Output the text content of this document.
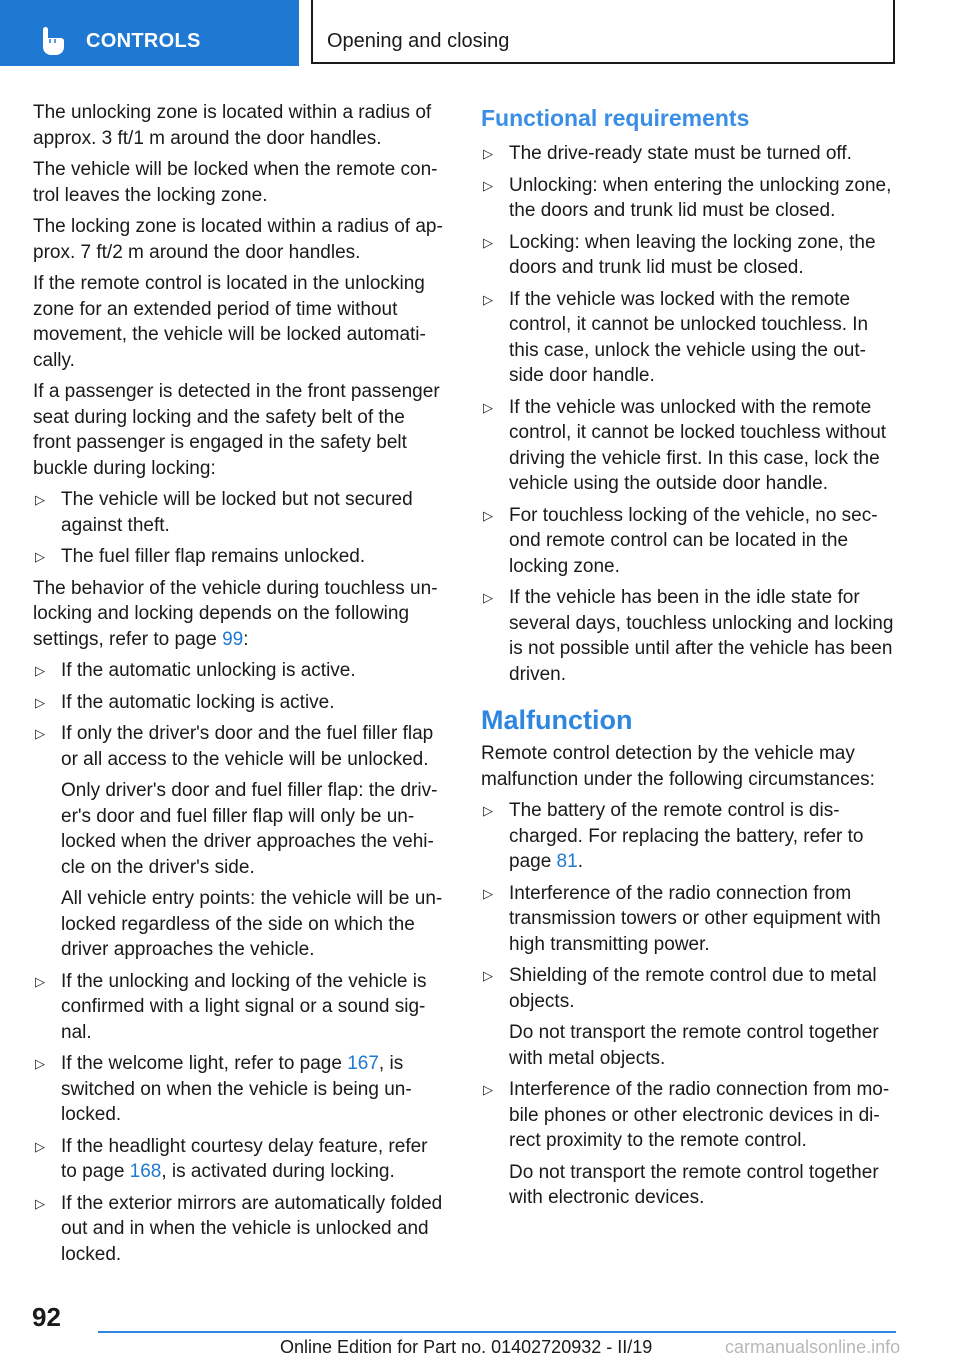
CONTROLS	Opening and closing

The unlocking zone is located within a radius of approx. 3 ft/1 m around the door handles.

The vehicle will be locked when the remote con-trol leaves the locking zone.

The locking zone is located within a radius of ap-prox. 7 ft/2 m around the door handles.

If the remote control is located in the unlocking zone for an extended period of time without movement, the vehicle will be locked automati-cally.

If a passenger is detected in the front passenger seat during locking and the safety belt of the front passenger is engaged in the safety belt buckle during locking:

▷ The vehicle will be locked but not secured against theft.
▷ The fuel filler flap remains unlocked.

The behavior of the vehicle during touchless un-locking and locking depends on the following settings, refer to page 99:

▷ If the automatic unlocking is active.
▷ If the automatic locking is active.
▷ If only the driver's door and the fuel filler flap or all access to the vehicle will be unlocked.

Only driver's door and fuel filler flap: the driv-er's door and fuel filler flap will only be un-locked when the driver approaches the vehi-cle on the driver's side.

All vehicle entry points: the vehicle will be un-locked regardless of the side on which the driver approaches the vehicle.

▷ If the unlocking and locking of the vehicle is confirmed with a light signal or a sound sig-nal.
▷ If the welcome light, refer to page 167, is switched on when the vehicle is being un-locked.
▷ If the headlight courtesy delay feature, refer to page 168, is activated during locking.
▷ If the exterior mirrors are automatically folded out and in when the vehicle is unlocked and locked.
Functional requirements
▷ The drive-ready state must be turned off.
▷ Unlocking: when entering the unlocking zone, the doors and trunk lid must be closed.
▷ Locking: when leaving the locking zone, the doors and trunk lid must be closed.
▷ If the vehicle was locked with the remote control, it cannot be unlocked touchless. In this case, unlock the vehicle using the out-side door handle.
▷ If the vehicle was unlocked with the remote control, it cannot be locked touchless without driving the vehicle first. In this case, lock the vehicle using the outside door handle.
▷ For touchless locking of the vehicle, no sec-ond remote control can be located in the locking zone.
▷ If the vehicle has been in the idle state for several days, touchless unlocking and locking is not possible until after the vehicle has been driven.
Malfunction

Remote control detection by the vehicle may malfunction under the following circumstances:

▷ The battery of the remote control is dis-charged. For replacing the battery, refer to page 81.
▷ Interference of the radio connection from transmission towers or other equipment with high transmitting power.
▷ Shielding of the remote control due to metal objects.

Do not transport the remote control together with metal objects.

▷ Interference of the radio connection from mo-bile phones or other electronic devices in di-rect proximity to the remote control.

Do not transport the remote control together with electronic devices.

92
Online Edition for Part no. 01402720932 - II/19	carmanualsonline.info
